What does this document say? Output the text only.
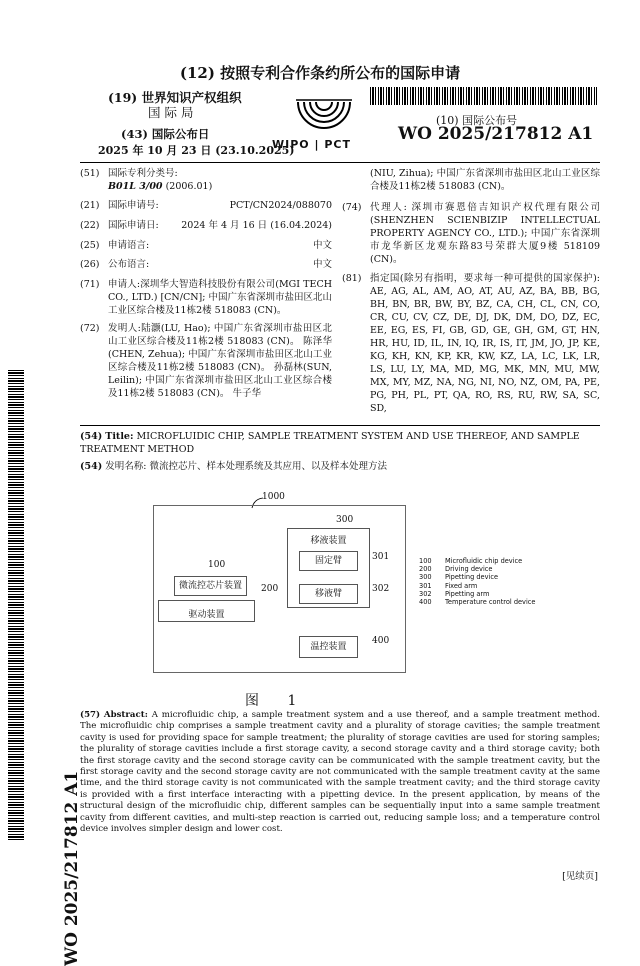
(12) 按照专利合作条约所公布的国际申请
(19) 世界知识产权组织
国际局
(43) 国际公布日
2025 年 10 月 23 日 (23.10.2025)
WIPO | PCT
(10) 国际公布号
WO 2025/217812 A1
WO 2025/217812 A1
(51) 国际专利分类号:
B01L 3/00 (2006.01)
(21) 国际申请号:	PCT/CN2024/088070
(22) 国际申请日: 2024 年 4 月 16 日 (16.04.2024)
(25) 申请语言:	中文
(26) 公布语言:	中文
(71) 申请人:深圳华大智造科技股份有限公司(MGI TECH CO., LTD.) [CN/CN]; 中国广东省深圳市盐田区北山工业区综合楼及11栋2楼 518083 (CN)。
(72) 发明人:陆灏(LU, Hao); 中国广东省深圳市盐田区北山工业区综合楼及11栋2楼 518083 (CN)。 陈泽华(CHEN, Zehua); 中国广东省深圳市盐田区北山工业区综合楼及11栋2楼 518083 (CN)。 孙磊林(SUN, Leilin); 中国广东省深圳市盐田区北山工业区综合楼及11栋2楼 518083 (CN)。 牛子华
(NIU, Zihua); 中国广东省深圳市盐田区北山工业区综合楼及11栋2楼 518083 (CN)。
(74) 代理人: 深圳市赛恩倍吉知识产权代理有限公司(SHENZHEN SCIENBIZIP INTELLECTUAL PROPERTY AGENCY CO., LTD.); 中国广东省深圳市龙华新区龙观东路83号荣群大厦9楼 518109 (CN)。
(81) 指定国(除另有指明，要求每一种可提供的国家保护): AE, AG, AL, AM, AO, AT, AU, AZ, BA, BB, BG, BH, BN, BR, BW, BY, BZ, CA, CH, CL, CN, CO, CR, CU, CV, CZ, DE, DJ, DK, DM, DO, DZ, EC, EE, EG, ES, FI, GB, GD, GE, GH, GM, GT, HN, HR, HU, ID, IL, IN, IQ, IR, IS, IT, JM, JO, JP, KE, KG, KH, KN, KP, KR, KW, KZ, LA, LC, LK, LR, LS, LU, LY, MA, MD, MG, MK, MN, MU, MW, MX, MY, MZ, NA, NG, NI, NO, NZ, OM, PA, PE, PG, PH, PL, PT, QA, RO, RS, RU, RW, SA, SC, SD,
(54) Title: MICROFLUIDIC CHIP, SAMPLE TREATMENT SYSTEM AND USE THEREOF, AND SAMPLE TREATMENT METHOD
(54) 发明名称: 微流控芯片、样本处理系统及其应用、以及样本处理方法
1000
300
移液装置
固定臂	301
移液臂	302
100
驱动装置
微流控芯片装置	200
温控装置
400
100	Microfluidic chip device
200	Driving device
300	Pipetting device
301	Fixed arm
302	Pipetting arm
400	Temperature control device
图 1
(57) Abstract: A microfluidic chip, a sample treatment system and a use thereof, and a sample treatment method. The microfluidic chip comprises a sample treatment cavity and a plurality of storage cavities; the sample treatment cavity is used for providing space for sample treatment; the plurality of storage cavities are used for storing samples; the plurality of storage cavities include a first storage cavity, a second storage cavity and a third storage cavity; both the first storage cavity and the second storage cavity can be communicated with the sample treatment cavity, but the first storage cavity and the second storage cavity are not communicated with the sample treatment cavity at the same time, and the third storage cavity is not communicated with the sample treatment cavity; and the third storage cavity is provided with a first interface interacting with a pipetting device. In the present application, by means of the structural design of the microfluidic chip, different samples can be sequentially input into a same sample treatment cavity from different cavities, and multi-step reaction is carried out, reducing sample loss; and a temperature control device involves simpler design and lower cost.
[见续页]
